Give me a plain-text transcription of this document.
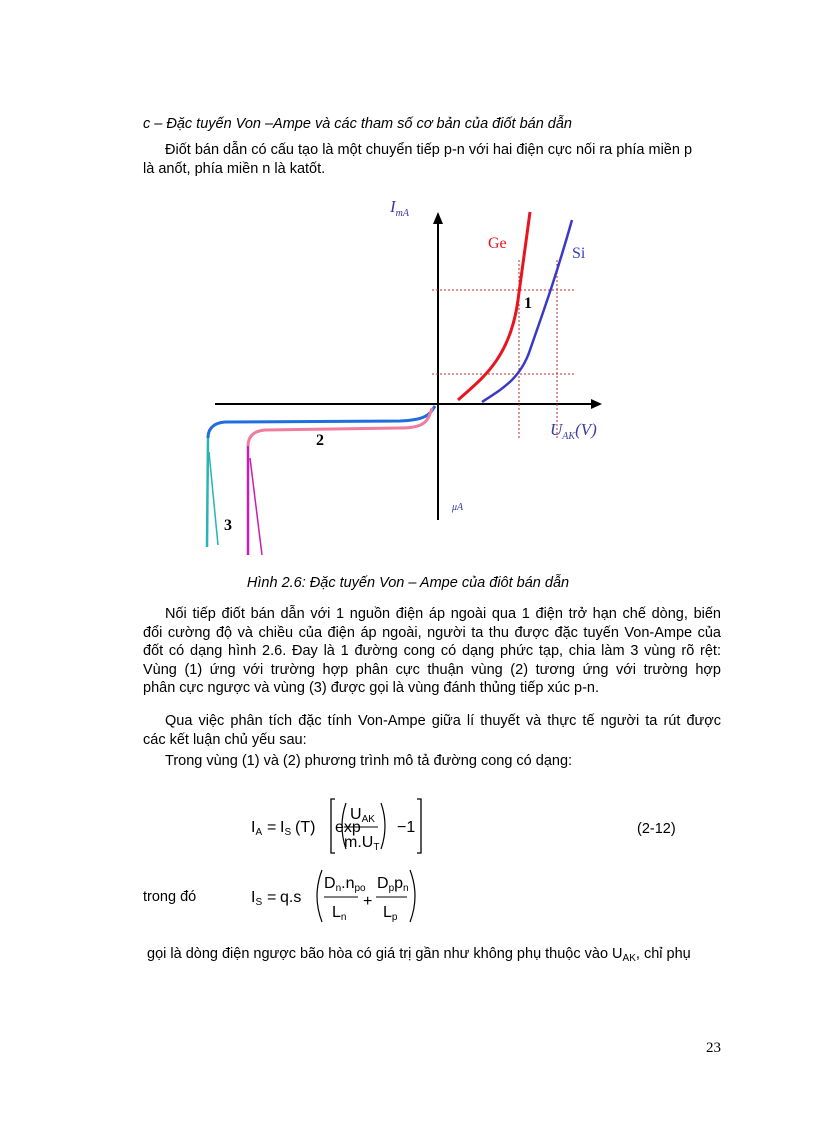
c – Đặc tuyến Von –Ampe và các tham số cơ bản của điốt bán dẫn

Điốt bán dẫn có cấu tạo là một chuyển tiếp p-n với hai điện cực nối ra phía miền p
là anốt, phía miền n là katốt.

$I_{mA}$
Ge
Si
1
2
3
$U_{AK}(V)$
μA
Hình 2.6: Đặc tuyến Von – Ampe của điôt bán dẫn

Nối tiếp điốt bán dẫn với 1 nguồn điện áp ngoài qua 1 điện trở hạn chế dòng, biến
đổi cường độ và chiều của điện áp ngoài, người ta thu được đặc tuyến Von-Ampe của
đốt có dạng hình 2.6. Đay là 1 đường cong có dạng phức tạp, chia làm 3 vùng rõ rệt:
Vùng (1) ứng với trường hợp phân cực thuận vùng (2) tương ứng với trường hợp
phân cực ngược và vùng (3) được gọi là vùng đánh thủng tiếp xúc p-n.

Qua việc phân tích đặc tính Von-Ampe giữa lí thuyết và thực tế người ta rút được
các kết luận chủ yếu sau:

Trong vùng (1) và (2) phương trình mô tả đường cong có dạng:

IA = IS (T) exp
UAK
m.UT
−1	(2-12)
trong đó	IS = q.s
Dn.npo
Ln
+
Dppn
Lp

gọi là dòng điện ngược bão hòa có giá trị gần như không phụ thuộc vào $U_{AK}$, chỉ phụ

23
